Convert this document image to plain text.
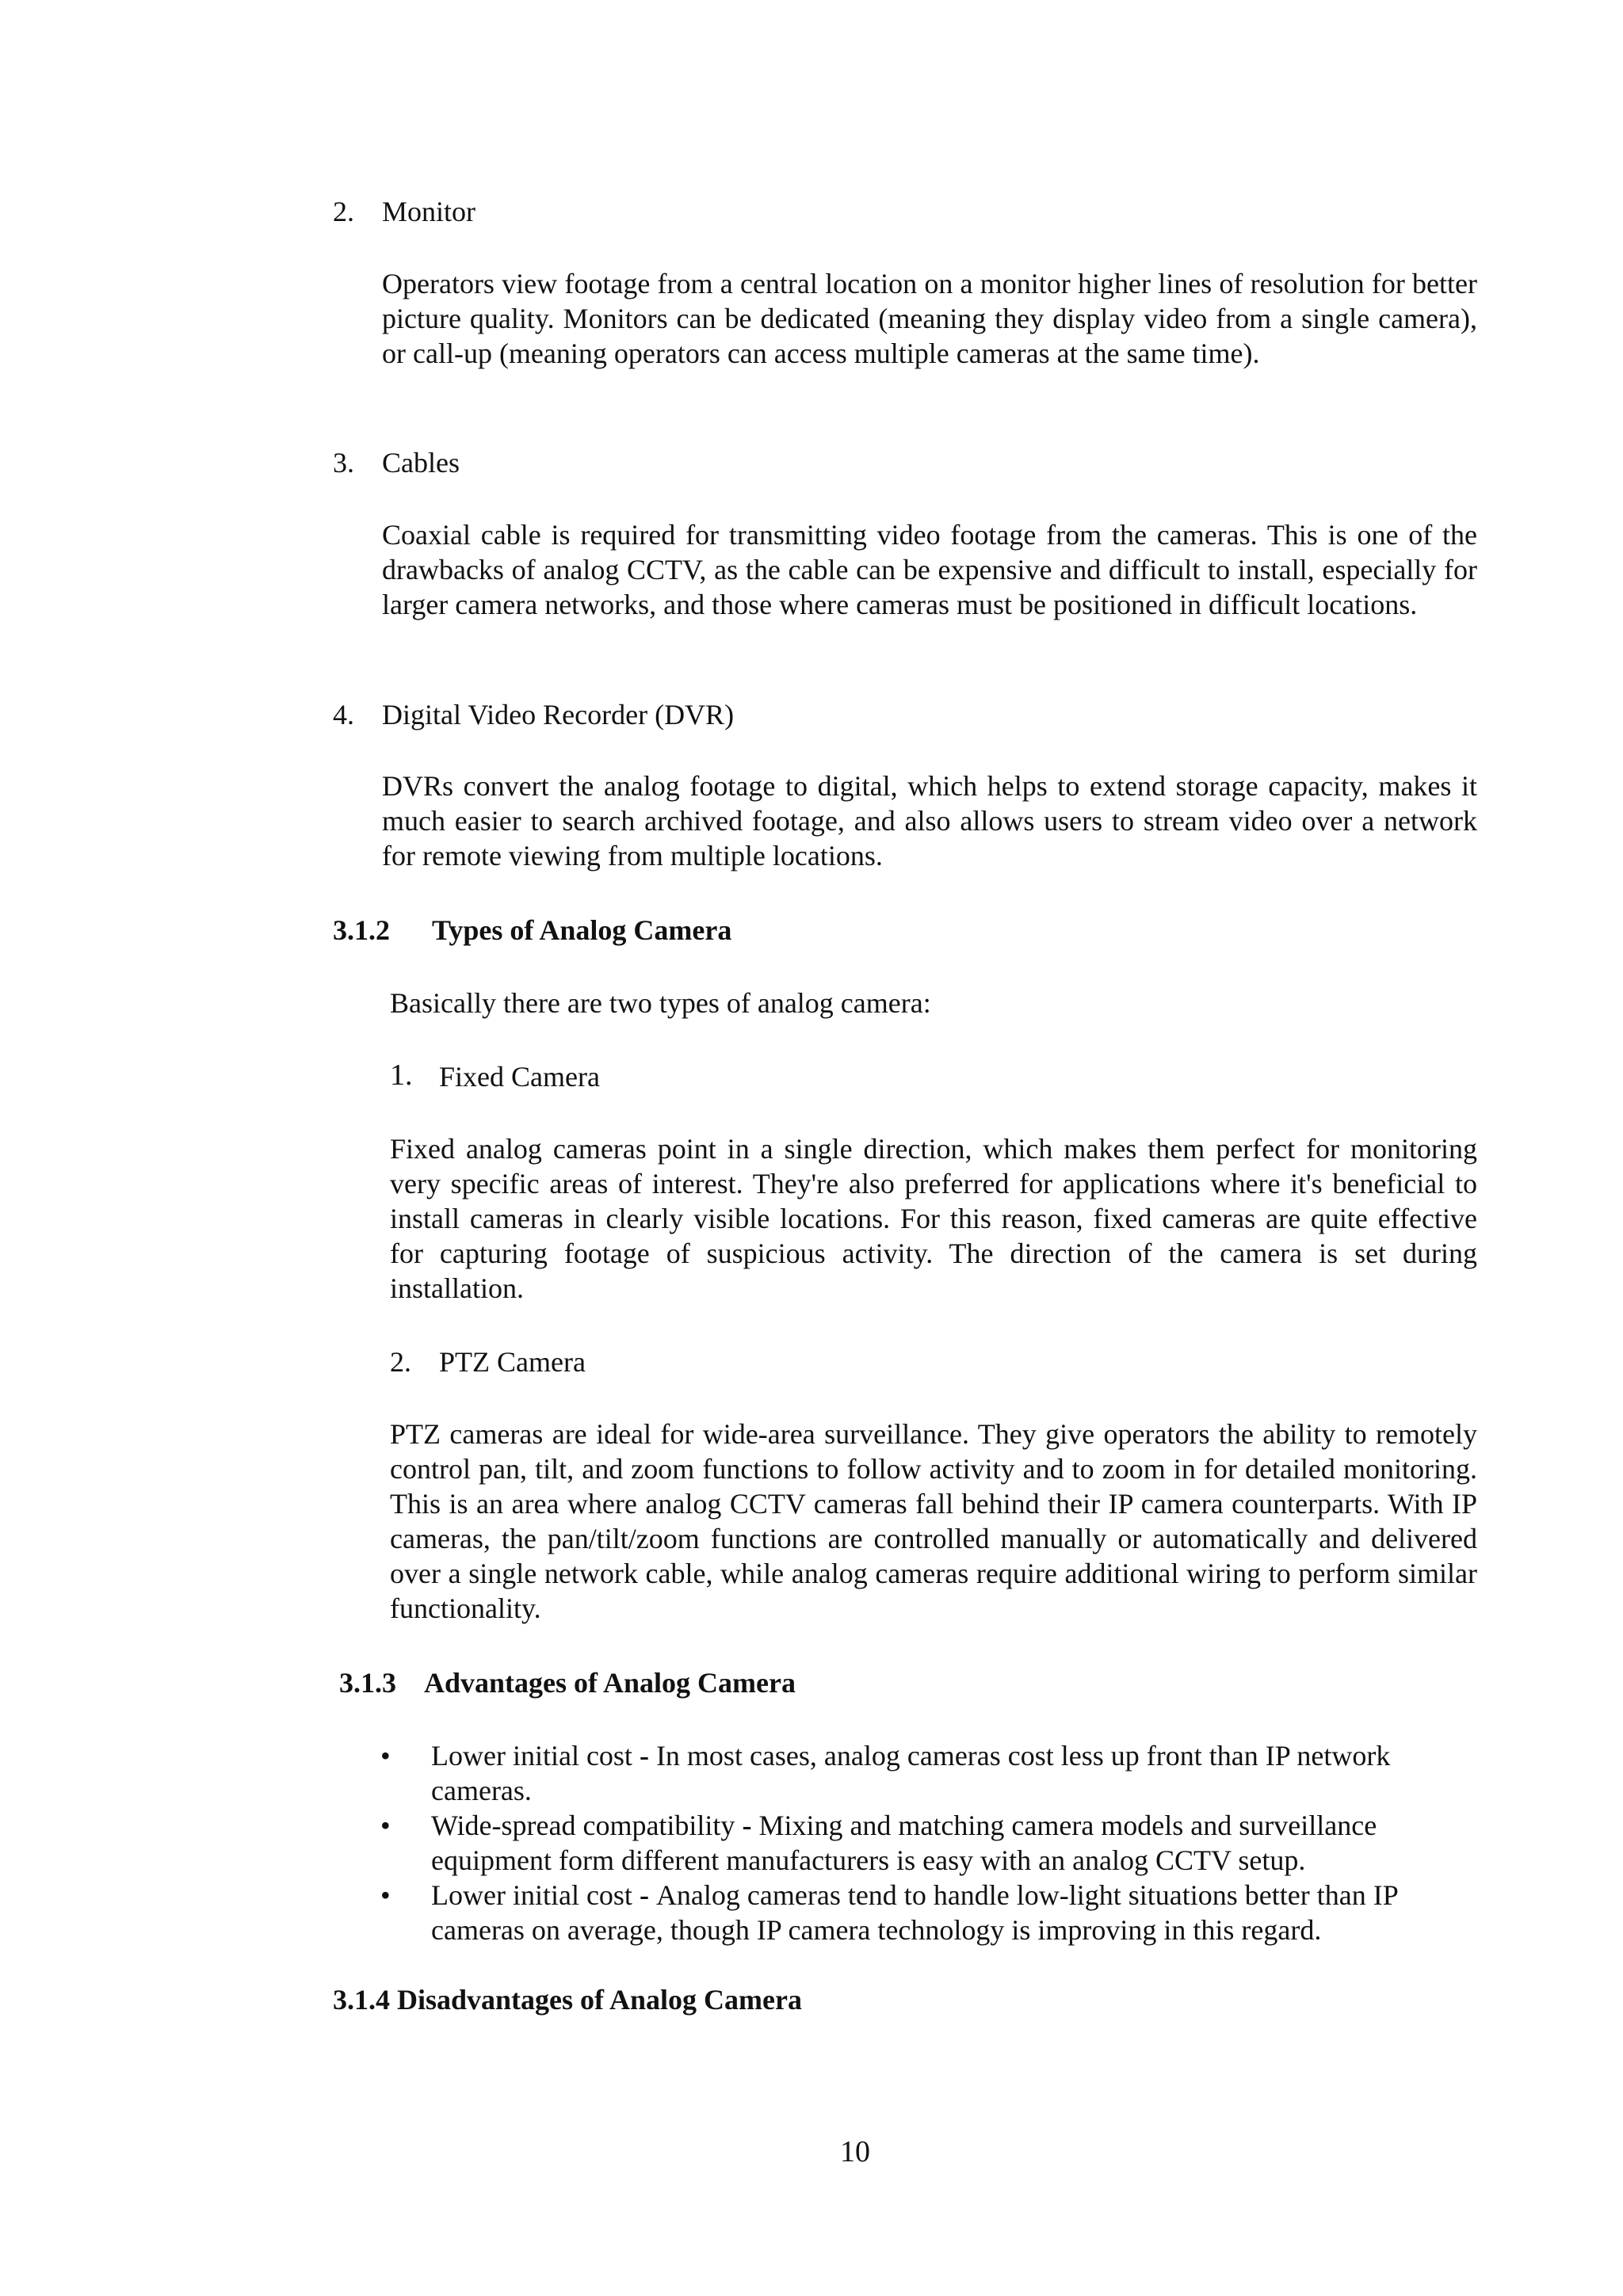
2. Monitor
Operators view footage from a central location on a monitor higher lines of resolution for better picture quality. Monitors can be dedicated (meaning they display video from a single camera), or call-up (meaning operators can access multiple cameras at the same time).
3. Cables
Coaxial cable is required for transmitting video footage from the cameras. This is one of the drawbacks of analog CCTV, as the cable can be expensive and difficult to install, especially for larger camera networks, and those where cameras must be positioned in difficult locations.
4. Digital Video Recorder (DVR)
DVRs convert the analog footage to digital, which helps to extend storage capacity, makes it much easier to search archived footage, and also allows users to stream video over a network for remote viewing from multiple locations.
3.1.2 Types of Analog Camera
Basically there are two types of analog camera:
1. Fixed Camera
Fixed analog cameras point in a single direction, which makes them perfect for monitoring very specific areas of interest. They're also preferred for applications where it's beneficial to install cameras in clearly visible locations. For this reason, fixed cameras are quite effective for capturing footage of suspicious activity. The direction of the camera is set during installation.
2. PTZ Camera
PTZ cameras are ideal for wide-area surveillance. They give operators the ability to remotely control pan, tilt, and zoom functions to follow activity and to zoom in for detailed monitoring. This is an area where analog CCTV cameras fall behind their IP camera counterparts. With IP cameras, the pan/tilt/zoom functions are controlled manually or automatically and delivered over a single network cable, while analog cameras require additional wiring to perform similar functionality.
3.1.3 Advantages of Analog Camera
•	Lower initial cost - In most cases, analog cameras cost less up front than IP network cameras.
•	Wide-spread compatibility - Mixing and matching camera models and surveillance equipment form different manufacturers is easy with an analog CCTV setup.
•	Lower initial cost - Analog cameras tend to handle low-light situations better than IP cameras on average, though IP camera technology is improving in this regard.
3.1.4 Disadvantages of Analog Camera
10
